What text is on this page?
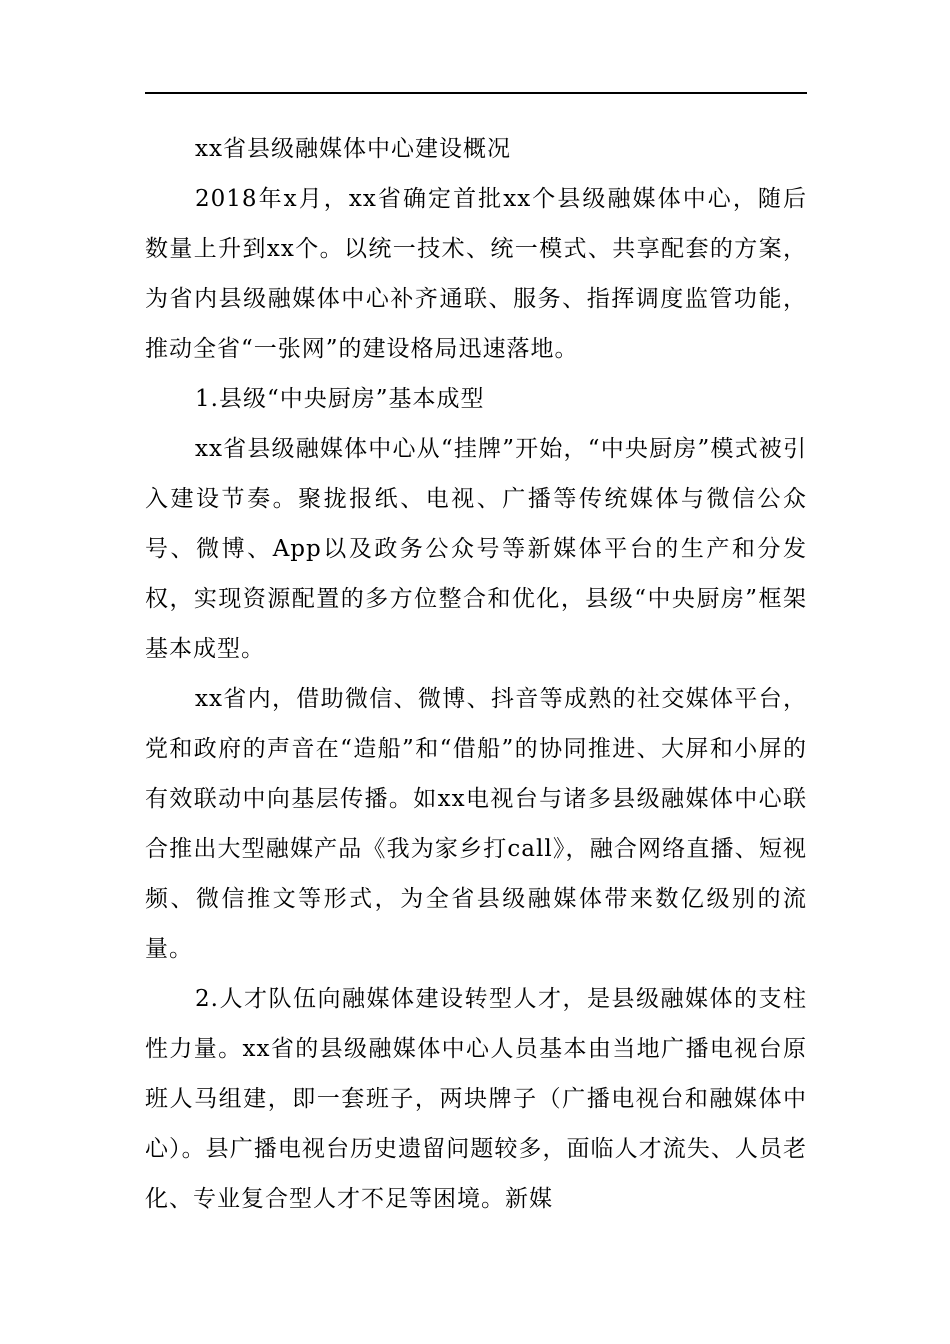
xx省县级融媒体中心建设概况

2018年x月，xx省确定首批xx个县级融媒体中心，随后数量上升到xx个。以统一技术、统一模式、共享配套的方案，为省内县级融媒体中心补齐通联、服务、指挥调度监管功能，推动全省“一张网”的建设格局迅速落地。

1.县级“中央厨房”基本成型

xx省县级融媒体中心从“挂牌”开始，“中央厨房”模式被引入建设节奏。聚拢报纸、电视、广播等传统媒体与微信公众号、微博、App以及政务公众号等新媒体平台的生产和分发权，实现资源配置的多方位整合和优化，县级“中央厨房”框架基本成型。

xx省内，借助微信、微博、抖音等成熟的社交媒体平台，党和政府的声音在“造船”和“借船”的协同推进、大屏和小屏的有效联动中向基层传播。如xx电视台与诸多县级融媒体中心联合推出大型融媒产品《我为家乡打call》，融合网络直播、短视频、微信推文等形式，为全省县级融媒体带来数亿级别的流量。

2.人才队伍向融媒体建设转型人才，是县级融媒体的支柱性力量。xx省的县级融媒体中心人员基本由当地广播电视台原班人马组建，即一套班子，两块牌子（广播电视台和融媒体中心）。县广播电视台历史遗留问题较多，面临人才流失、人员老化、专业复合型人才不足等困境。新媒
